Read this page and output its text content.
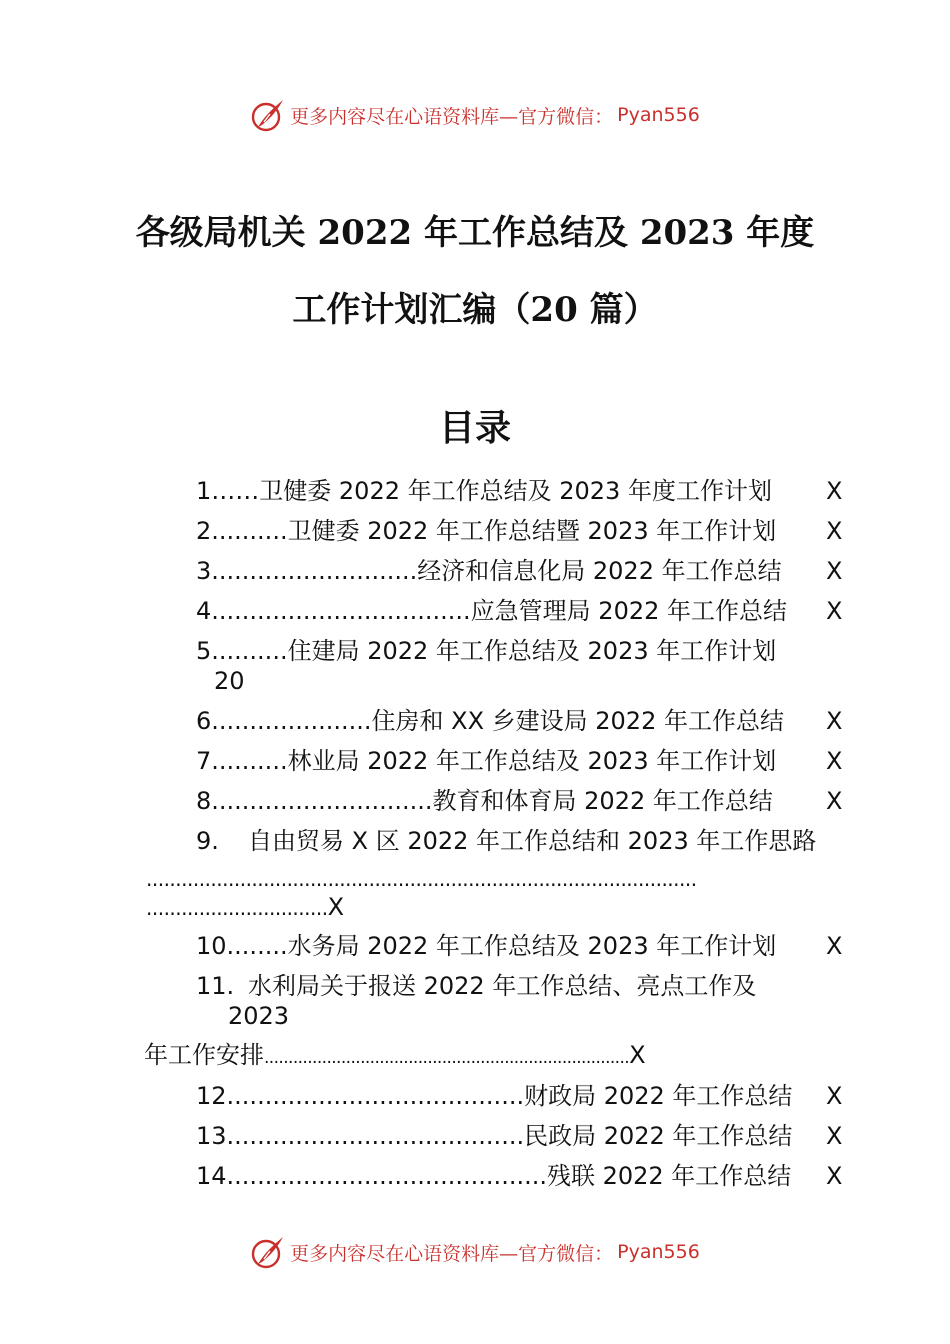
更多内容尽在心语资料库—官方微信： Pyan556
各级局机关 2022 年工作总结及 2023 年度
工作计划汇编（20 篇）
目录
1……卫健委 2022 年工作总结及 2023 年度工作计划 X
2..........卫健委 2022 年工作总结暨 2023 年工作计划 X
3...........................经济和信息化局 2022 年工作总结 X
4..................................应急管理局 2022 年工作总结 X
5..........住建局 2022 年工作总结及 2023 年工作计划
20
6.....................住房和 XX 乡建设局 2022 年工作总结 X
7..........林业局 2022 年工作总结及 2023 年工作计划 X
8.............................教育和体育局 2022 年工作总结 X
9. 自由贸易 X 区 2022 年工作总结和 2023 年工作思路
..............................................................................................
...............................X
10........水务局 2022 年工作总结及 2023 年工作计划 X
11. 水利局关于报送 2022 年工作总结、亮点工作及
2023
年工作安排............................................................................X
12.......................................财政局 2022 年工作总结 X
13.......................................民政局 2022 年工作总结 X
14..........................................残联 2022 年工作总结 X
更多内容尽在心语资料库—官方微信： Pyan556
